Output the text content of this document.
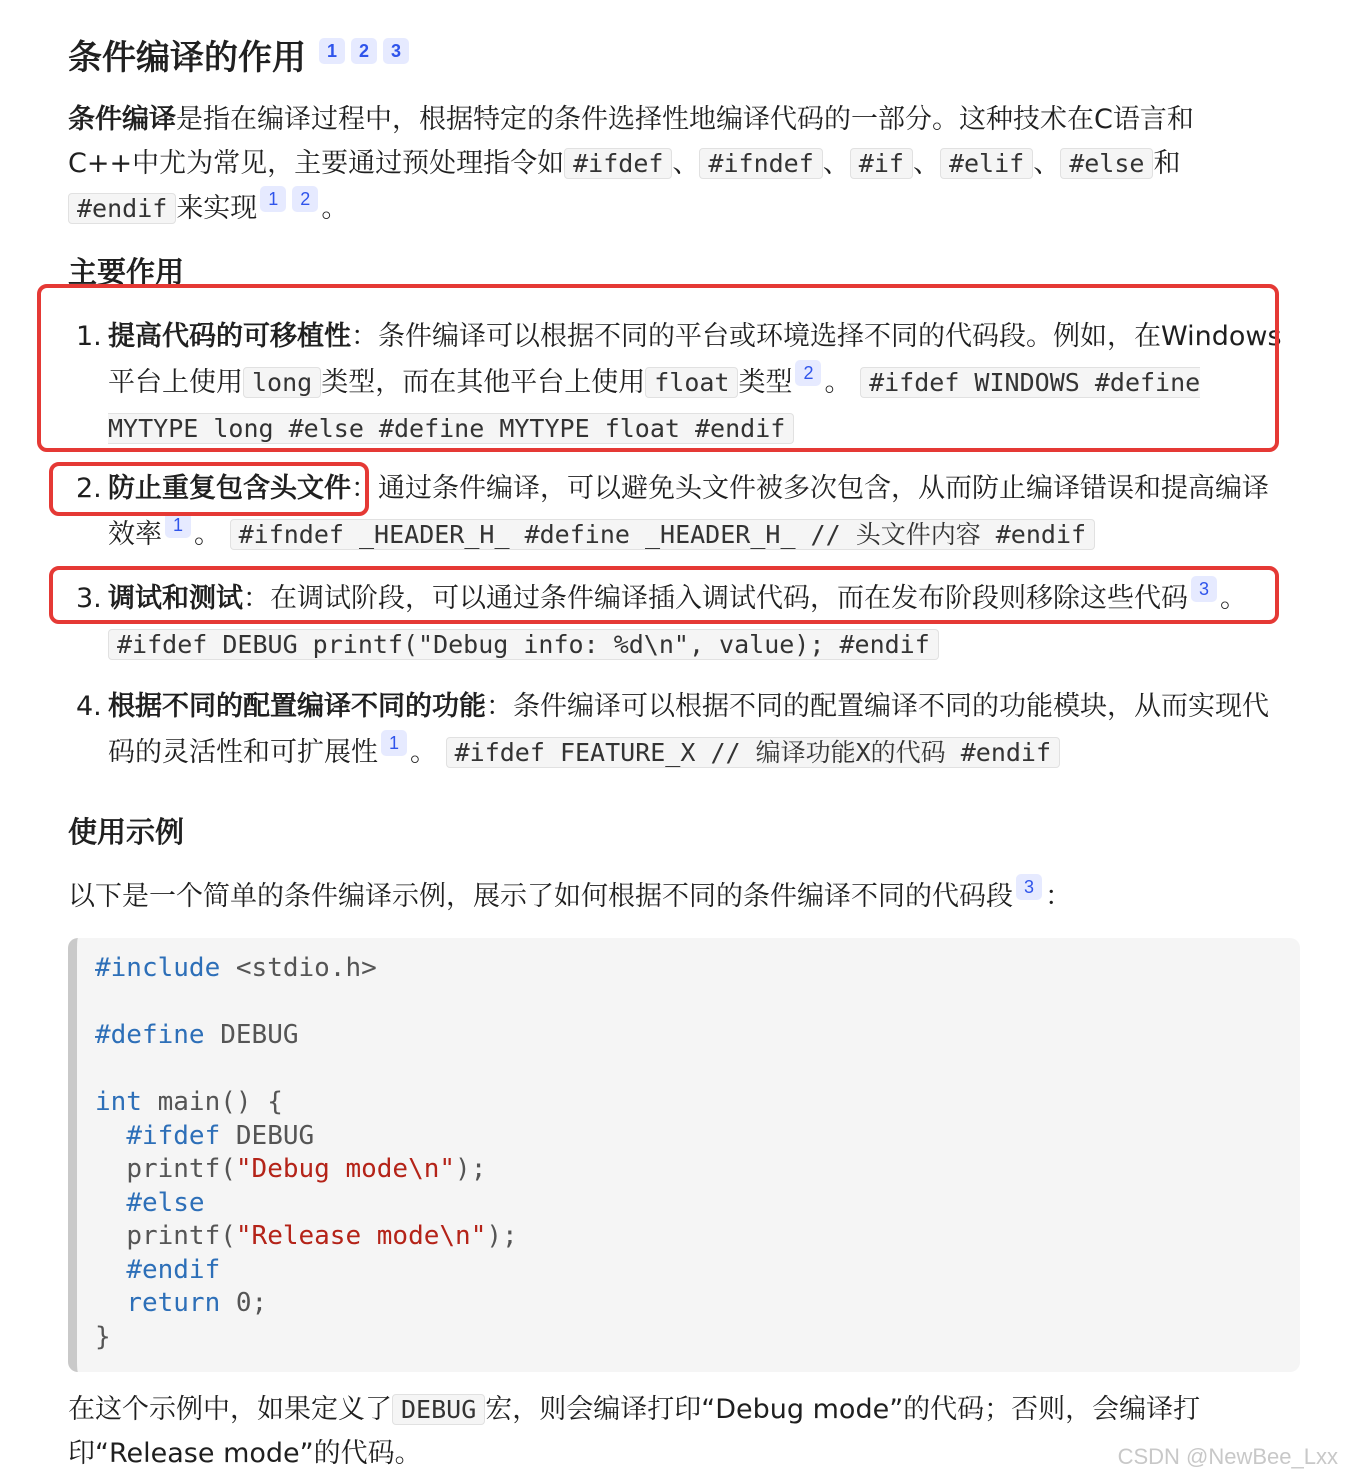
条件编译的作用 1 2 3

条件编译是指在编译过程中，根据特定的条件选择性地编译代码的一部分。这种技术在C语言和C++中尤为常见，主要通过预处理指令如 #ifdef 、 #ifndef 、 #if 、 #elif 、 #else 和#endif 来实现 1 2 。

主要作用
1. 提高代码的可移植性：条件编译可以根据不同的平台或环境选择不同的代码段。例如，在Windows平台上使用 long 类型，而在其他平台上使用 float 类型 2 。 #ifdef WINDOWS #define MYTYPE long #else #define MYTYPE float #endif
2. 防止重复包含头文件：通过条件编译，可以避免头文件被多次包含，从而防止编译错误和提高编译效率 1 。 #ifndef _HEADER_H_ #define _HEADER_H_ // 头文件内容 #endif
3. 调试和测试：在调试阶段，可以通过条件编译插入调试代码，而在发布阶段则移除这些代码 3 。 #ifdef DEBUG printf("Debug info: %d\n", value); #endif
4. 根据不同的配置编译不同的功能：条件编译可以根据不同的配置编译不同的功能模块，从而实现代码的灵活性和可扩展性 1 。 #ifdef FEATURE_X // 编译功能X的代码 #endif
使用示例

以下是一个简单的条件编译示例，展示了如何根据不同的条件编译不同的代码段 3 ：

#include <stdio.h>

#define DEBUG

int main() {
#ifdef DEBUG
printf("Debug mode\n");
#else
printf("Release mode\n");
#endif
return 0;
}

在这个示例中，如果定义了 DEBUG 宏，则会编译打印“Debug mode”的代码；否则，会编译打印“Release mode”的代码。	CSDN @NewBee_Lxx
